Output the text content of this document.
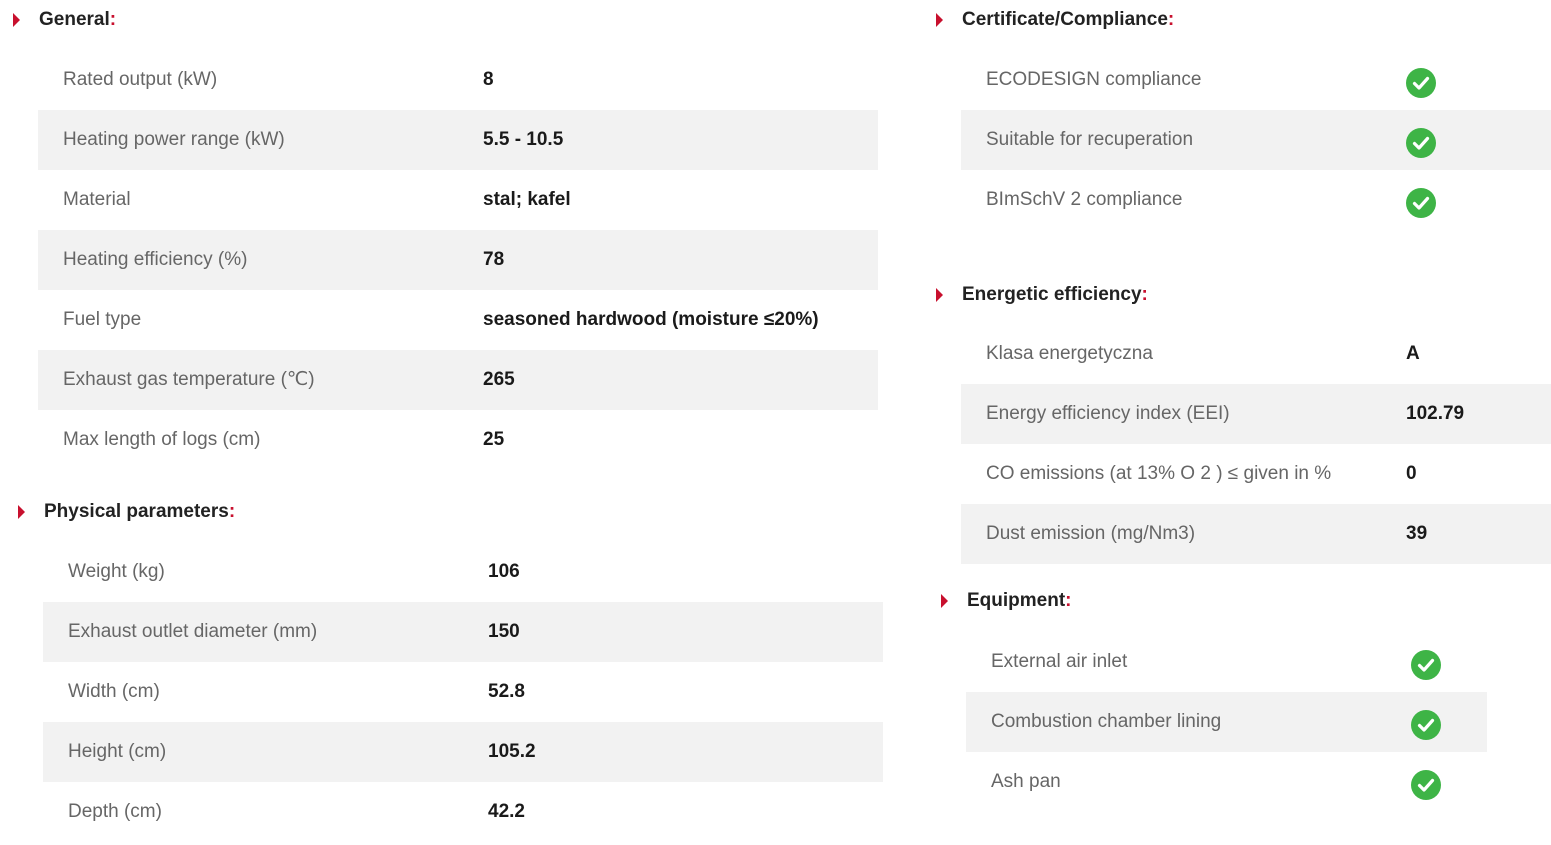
General:
Rated output (kW)	8
Heating power range (kW)	5.5 - 10.5
Material	stal; kafel
Heating efficiency (%)	78
Fuel type	seasoned hardwood (moisture ≤20%)
Exhaust gas temperature (℃)	265
Max length of logs (cm)	25
Physical parameters:
Weight (kg)	106
Exhaust outlet diameter (mm)	150
Width (cm)	52.8
Height (cm)	105.2
Depth (cm)	42.2
Certificate/Compliance:
ECODESIGN compliance
Suitable for recuperation
BImSchV 2 compliance
Energetic efficiency:
Klasa energetyczna	A
Energy efficiency index (EEI)	102.79
CO emissions (at 13% O 2 ) ≤ given in %	0
Dust emission (mg/Nm3)	39
Equipment:
External air inlet
Combustion chamber lining
Ash pan
